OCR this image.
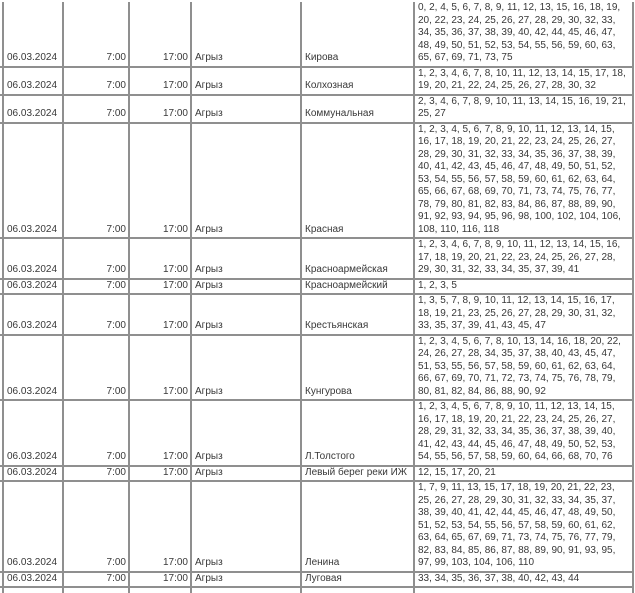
	06.03.2024	7:00	17:00	Агрыз	Кирова	0, 2, 4, 5, 6, 7, 8, 9, 11, 12, 13, 15, 16, 18, 19, 20, 22, 23, 24, 25, 26, 27, 28, 29, 30, 32, 33, 34, 35, 36, 37, 38, 39, 40, 42, 44, 45, 46, 47, 48, 49, 50, 51, 52, 53, 54, 55, 56, 59, 60, 63, 65, 67, 69, 71, 73, 75
	06.03.2024	7:00	17:00	Агрыз	Колхозная	1, 2, 3, 4, 6, 7, 8, 10, 11, 12, 13, 14, 15, 17, 18, 19, 20, 21, 22, 24, 25, 26, 27, 28, 30, 32
	06.03.2024	7:00	17:00	Агрыз	Коммунальная	2, 3, 4, 6, 7, 8, 9, 10, 11, 13, 14, 15, 16, 19, 21, 25, 27
	06.03.2024	7:00	17:00	Агрыз	Красная	1, 2, 3, 4, 5, 6, 7, 8, 9, 10, 11, 12, 13, 14, 15, 16, 17, 18, 19, 20, 21, 22, 23, 24, 25, 26, 27, 28, 29, 30, 31, 32, 33, 34, 35, 36, 37, 38, 39, 40, 41, 42, 43, 45, 46, 47, 48, 49, 50, 51, 52, 53, 54, 55, 56, 57, 58, 59, 60, 61, 62, 63, 64, 65, 66, 67, 68, 69, 70, 71, 73, 74, 75, 76, 77, 78, 79, 80, 81, 82, 83, 84, 86, 87, 88, 89, 90, 91, 92, 93, 94, 95, 96, 98, 100, 102, 104, 106, 108, 110, 116, 118
	06.03.2024	7:00	17:00	Агрыз	Красноармейская	1, 2, 3, 4, 6, 7, 8, 9, 10, 11, 12, 13, 14, 15, 16, 17, 18, 19, 20, 21, 22, 23, 24, 25, 26, 27, 28, 29, 30, 31, 32, 33, 34, 35, 37, 39, 41
	06.03.2024	7:00	17:00	Агрыз	Красноармейский	1, 2, 3, 5
	06.03.2024	7:00	17:00	Агрыз	Крестьянская	1, 3, 5, 7, 8, 9, 10, 11, 12, 13, 14, 15, 16, 17, 18, 19, 21, 23, 25, 26, 27, 28, 29, 30, 31, 32, 33, 35, 37, 39, 41, 43, 45, 47
	06.03.2024	7:00	17:00	Агрыз	Кунгурова	1, 2, 3, 4, 5, 6, 7, 8, 10, 13, 14, 16, 18, 20, 22, 24, 26, 27, 28, 34, 35, 37, 38, 40, 43, 45, 47, 51, 53, 55, 56, 57, 58, 59, 60, 61, 62, 63, 64, 66, 67, 69, 70, 71, 72, 73, 74, 75, 76, 78, 79, 80, 81, 82, 84, 86, 88, 90, 92
	06.03.2024	7:00	17:00	Агрыз	Л.Толстого	1, 2, 3, 4, 5, 6, 7, 8, 9, 10, 11, 12, 13, 14, 15, 16, 17, 18, 19, 20, 21, 22, 23, 24, 25, 26, 27, 28, 29, 31, 32, 33, 34, 35, 36, 37, 38, 39, 40, 41, 42, 43, 44, 45, 46, 47, 48, 49, 50, 52, 53, 54, 55, 56, 57, 58, 59, 60, 64, 66, 68, 70, 76
	06.03.2024	7:00	17:00	Агрыз	Левый берег реки ИЖ	12, 15, 17, 20, 21
	06.03.2024	7:00	17:00	Агрыз	Ленина	1, 7, 9, 11, 13, 15, 17, 18, 19, 20, 21, 22, 23, 25, 26, 27, 28, 29, 30, 31, 32, 33, 34, 35, 37, 38, 39, 40, 41, 42, 44, 45, 46, 47, 48, 49, 50, 51, 52, 53, 54, 55, 56, 57, 58, 59, 60, 61, 62, 63, 64, 65, 67, 69, 71, 73, 74, 75, 76, 77, 79, 82, 83, 84, 85, 86, 87, 88, 89, 90, 91, 93, 95, 97, 99, 103, 104, 106, 110
	06.03.2024	7:00	17:00	Агрыз	Луговая	33, 34, 35, 36, 37, 38, 40, 42, 43, 44
